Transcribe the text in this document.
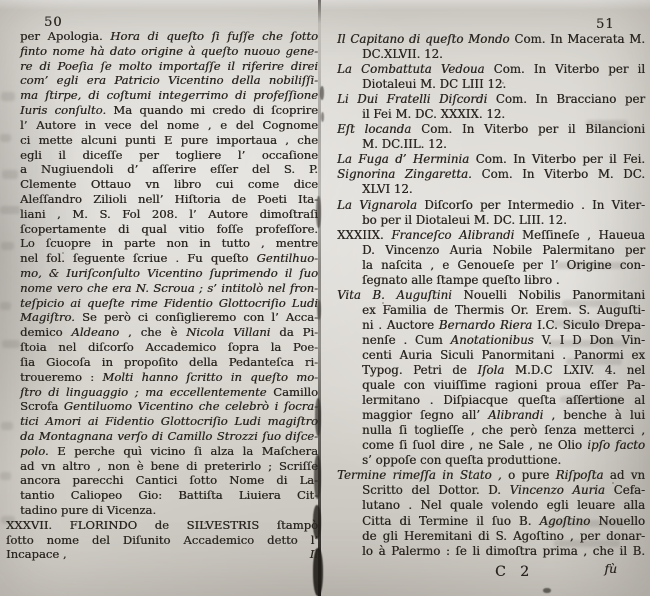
50	51
per Apologia. Hora di queſto ſi fuſſe che ſotto
finto nome hà dato origine à queſto nuouo gene-
re di Poeſia ſe molto importaſſe il riferire direi
com’ egli era Patricio Vicentino della nobiliſſi-
ma ſtirpe, di coſtumi integerrimo di profeſſione
Iuris conſulto. Ma quando mi credo di ſcoprire
l’ Autore in vece del nome , e del Cognome
ci mette alcuni punti E pure importaua , che
egli il diceſſe per togliere l’ occaſione
a Nugiuendoli d’ aſſerire eſſer del S. P.
Clemente Ottauo vn libro cui come dice
Aleſſandro Zilioli nell’ Hiſtoria de Poeti Ita-
liani , M. S. Fol 208. l’ Autore dimoſtraſi
ſcopertamente di qual vitio foſſe profeſſore.
Lo ſcuopre in parte non in tutto , mentre
nel fol. ſeguente ſcriue . Fu queſto Gentilhuo-
mo, & Iuriſconſulto Vicentino ſuprimendo il ſuo
nome vero che era N. Scroua ; s’ intitolò nel fron-
teſpicio ai queſte rime Fidentio Glottocriſio Ludi
Magiſtro. Se però ci conſiglieremo con l’ Acca-
demico Aldeano , che è Nicola Villani da Pi-
ſtoia nel diſcorſo Accademico ſopra la Poe-
ſia Giocoſa in propoſito della Pedanteſca ri-
troueremo : Molti hanno ſcritto in queſto mo-
ſtro di linguaggio ; ma eccellentemente Camillo
Scrofa Gentiluomo Vicentino che celebrò i ſocra-
tici Amori ai Fidentio Glottocriſio Ludi magiſtro
da Montagnana verſo di Camillo Strozzi ſuo diſce-
polo. E perche quì vicino ſi alza la Maſchera
ad vn altro , non è bene di preterirlo ; Scriſſe
ancora parecchi Cantici ſotto Nome di La-
tantio Caliopeo Gio: Battiſta Liuiera Cit-
tadino pure di Vicenza.
XXXVII. FLORINDO de SILVESTRIS ſtampò
ſotto nome del Diſunito Accademico detto l’
Incapace ,	Il
Il Capitano di queſto Mondo Com. In Macerata M.
DC.XLVII. 12.
La Combattuta Vedoua Com. In Viterbo per il
Diotaleui M. DC LIII 12.
Li Dui Fratelli Diſcordi Com. In Bracciano per
il Fei M. DC. XXXIX. 12.
Eſt locanda Com. In Viterbo per il Bilancioni
M. DC.IIL. 12.
La Fuga d’ Herminia Com. In Viterbo per il Fei.
Signorina Zingaretta. Com. In Viterbo M. DC.
XLVI 12.
La Vignarola Diſcorſo per Intermedio . In Viter-
bo per il Diotaleui M. DC. LIII. 12.
XXXIIX. Franceſco Alibrandi Meſſineſe , Haueua
D. Vincenzo Auria Nobile Palermitano per
la naſcita , e Genoueſe per l’ Origine con-
ſegnato alle ſtampe queſto libro .
Vita B. Auguſtini Nouelli Nobilis Panormitani
ex Familia de Thermis Or. Erem. S. Auguſti-
ni . Auctore Bernardo Riera I.C. Siculo Drepa-
nenſe . Cum Anotationibus V. I D Don Vin-
centi Auria Siculi Panormitani . Panormi ex
Typog. Petri de Iſola M.D.C LXIV. 4. nel
quale con viuiſſime ragioni proua eſſer Pa-
lermitano . Diſpiacque queſta aſſertione al
maggior ſegno all’ Alibrandi , benche à lui
nulla ſi toglieſſe , che però ſenza metterci ,
come ſi ſuol dire , ne Sale , ne Olio ipſo facto
s’ oppoſe con queſta produttione.
Termine rimeſſa in Stato , o pure Riſpoſta ad vn
Scritto del Dottor. D. Vincenzo Auria Cefa-
lutano . Nel quale volendo egli leuare alla
Citta di Termine il ſuo B. Agoſtino Nouello
de gli Heremitani di S. Agoſtino , per donar-
lo à Palermo : ſe li dimoſtra prima , che il B.
C 2	fù
